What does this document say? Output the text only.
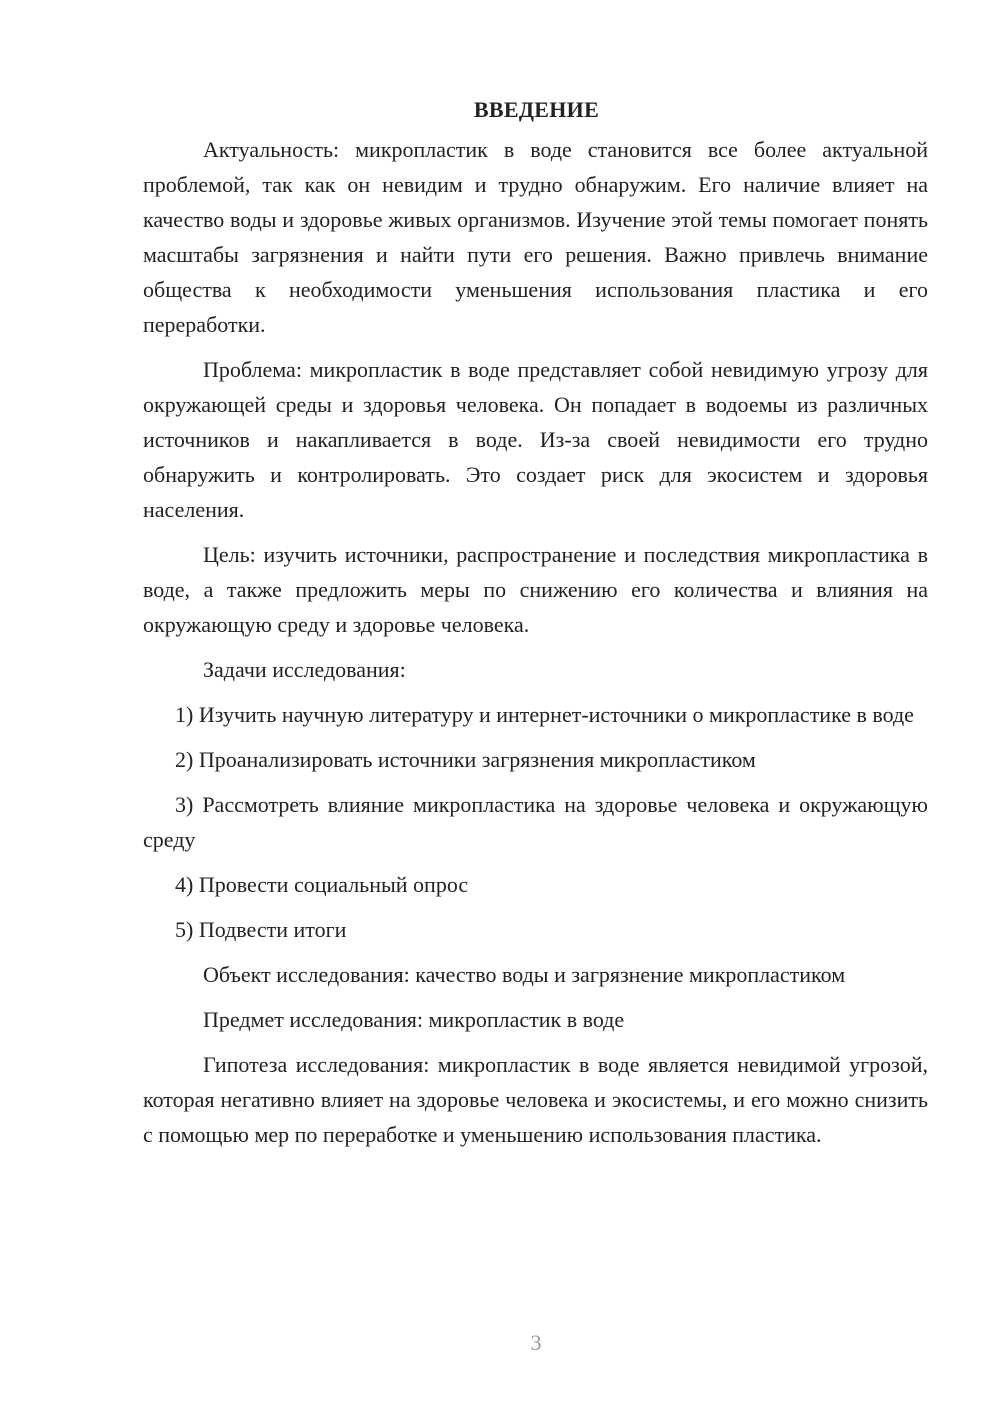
ВВЕДЕНИЕ

Актуальность: микропластик в воде становится все более актуальной проблемой, так как он невидим и трудно обнаружим. Его наличие влияет на качество воды и здоровье живых организмов. Изучение этой темы помогает понять масштабы загрязнения и найти пути его решения. Важно привлечь внимание общества к необходимости уменьшения использования пластика и его переработки.

Проблема: микропластик в воде представляет собой невидимую угрозу для окружающей среды и здоровья человека. Он попадает в водоемы из различных источников и накапливается в воде. Из-за своей невидимости его трудно обнаружить и контролировать. Это создает риск для экосистем и здоровья населения.

Цель: изучить источники, распространение и последствия микропластика в воде, а также предложить меры по снижению его количества и влияния на окружающую среду и здоровье человека.

Задачи исследования:

1) Изучить научную литературу и интернет-источники о микропластике в воде

2) Проанализировать источники загрязнения микропластиком

3) Рассмотреть влияние микропластика на здоровье человека и окружающую среду

4) Провести социальный опрос

5) Подвести итоги

Объект исследования: качество воды и загрязнение микропластиком

Предмет исследования: микропластик в воде

Гипотеза исследования: микропластик в воде является невидимой угрозой, которая негативно влияет на здоровье человека и экосистемы, и его можно снизить с помощью мер по переработке и уменьшению использования пластика.

3
